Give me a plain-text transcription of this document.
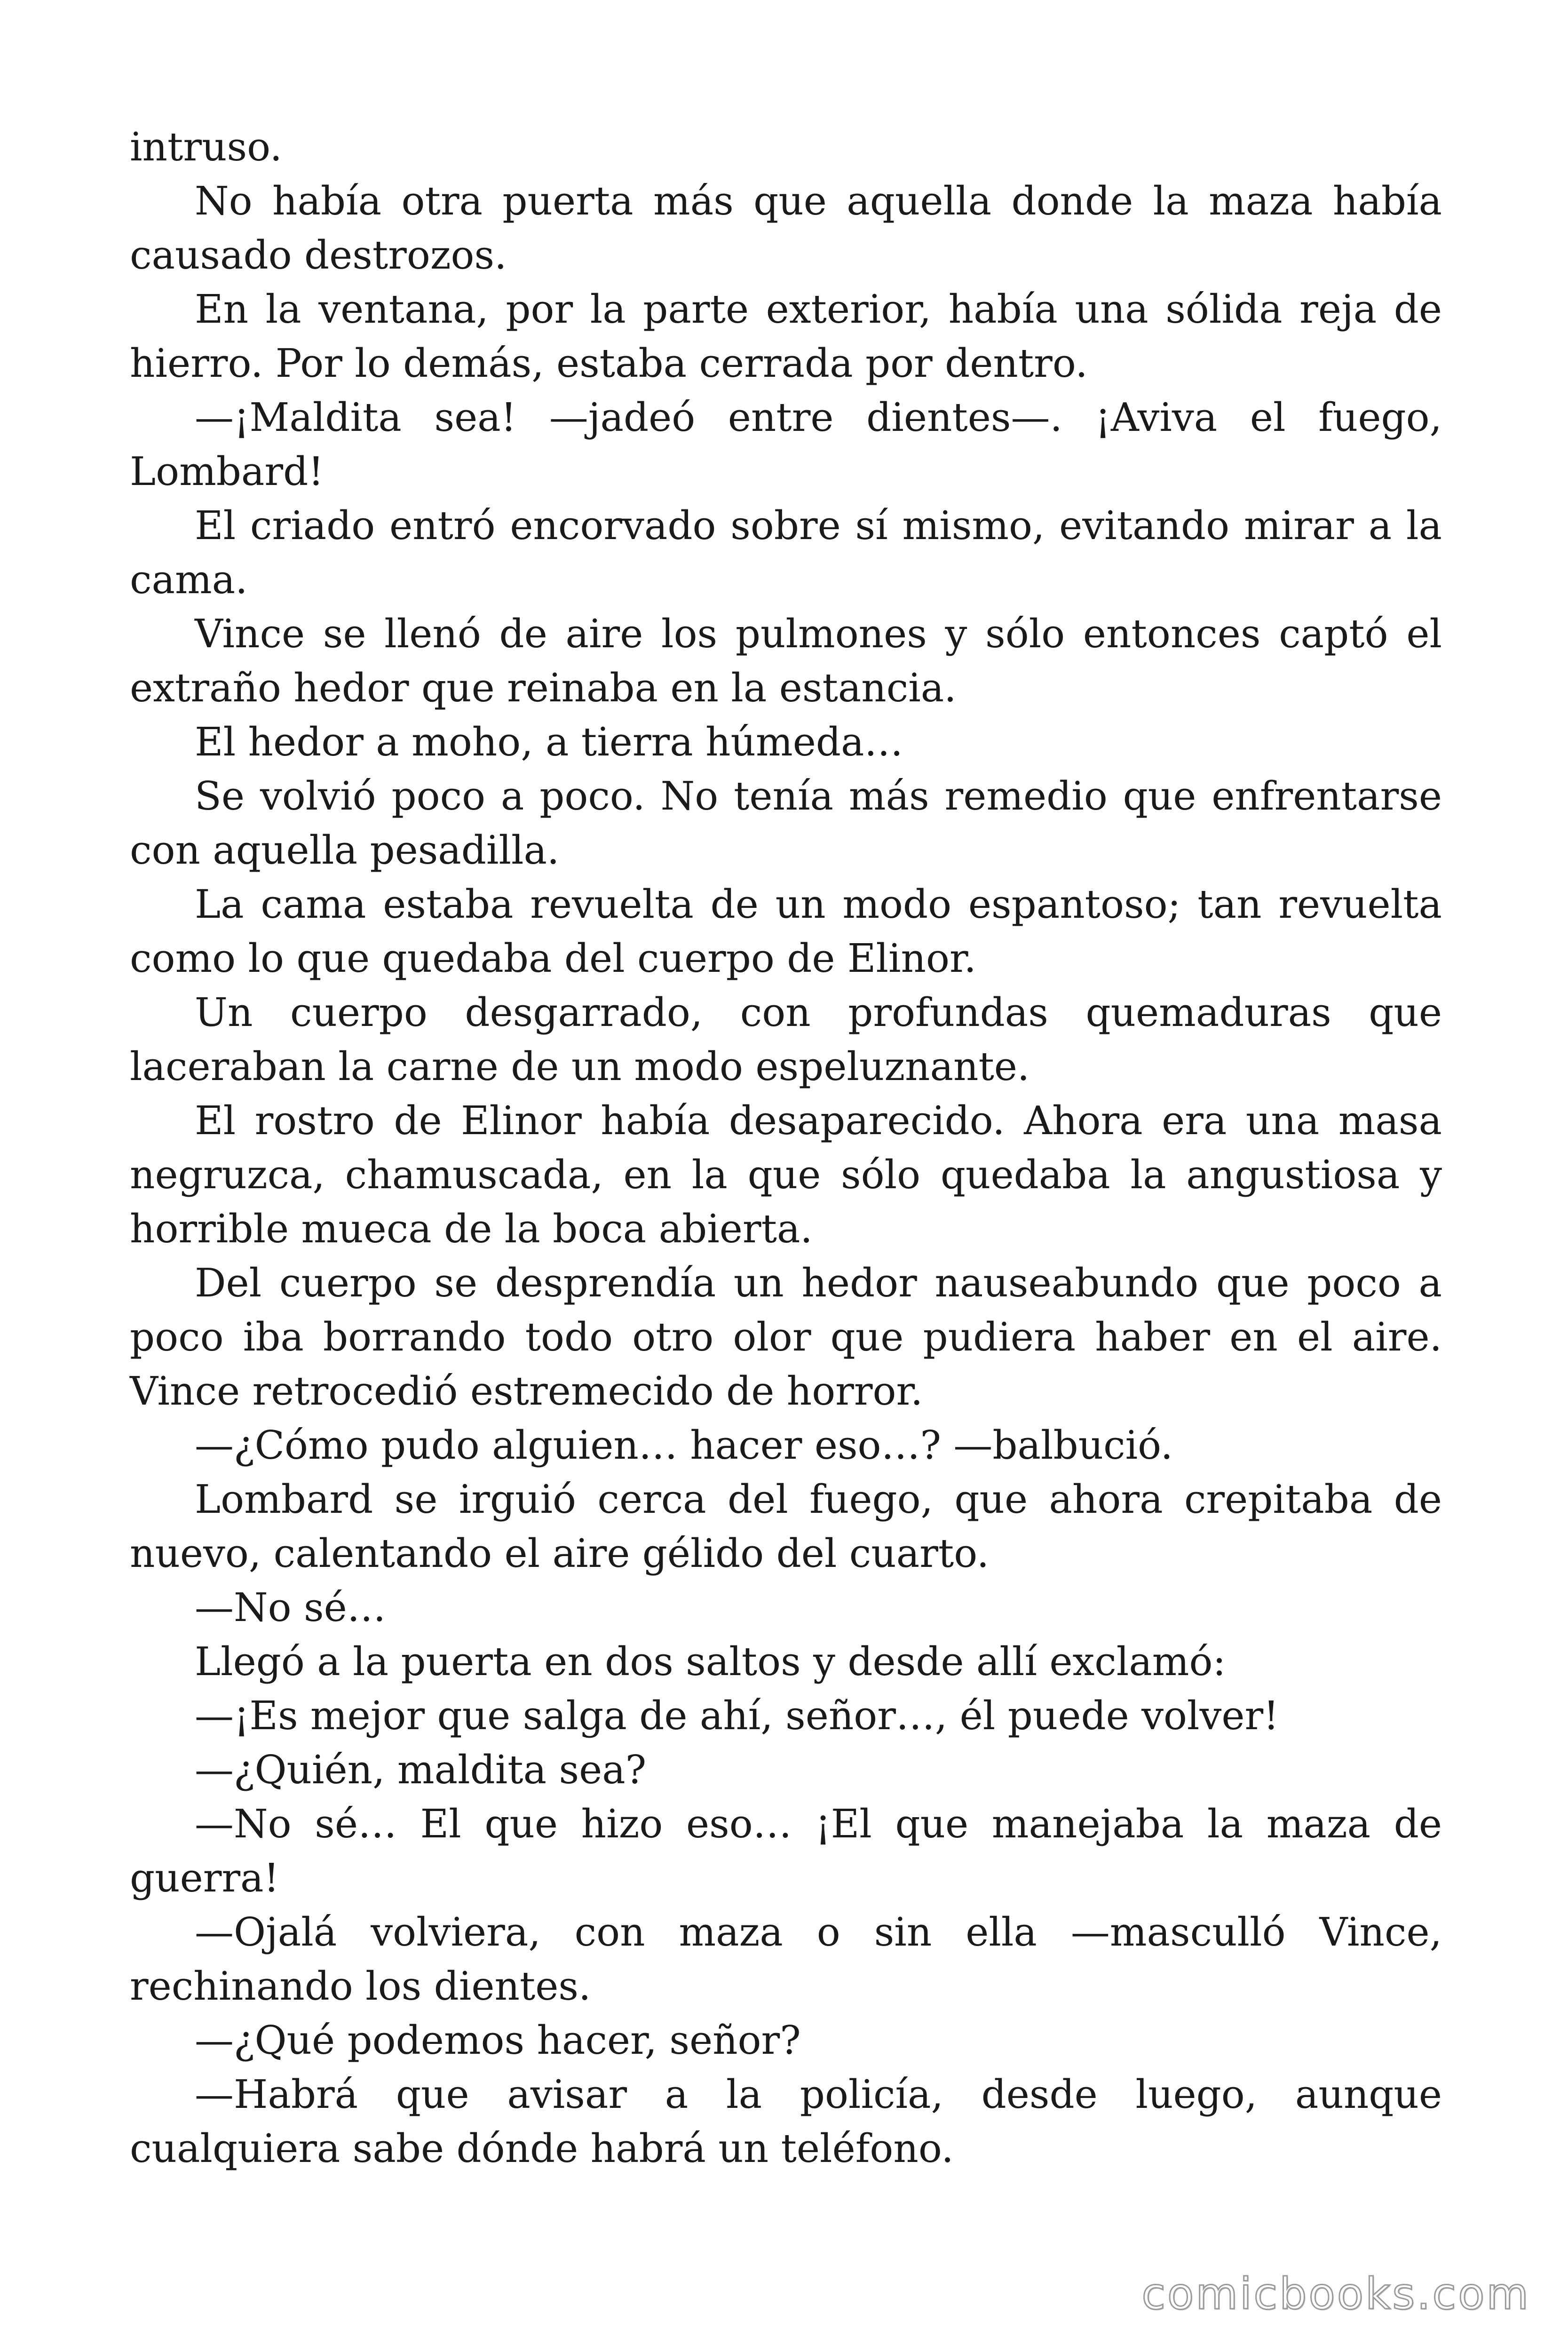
intruso.

No había otra puerta más que aquella donde la maza había causado destrozos.

En la ventana, por la parte exterior, había una sólida reja de hierro. Por lo demás, estaba cerrada por dentro.

—¡Maldita sea! —jadeó entre dientes—. ¡Aviva el fuego, Lombard!

El criado entró encorvado sobre sí mismo, evitando mirar a la cama.

Vince se llenó de aire los pulmones y sólo entonces captó el extraño hedor que reinaba en la estancia.

El hedor a moho, a tierra húmeda…

Se volvió poco a poco. No tenía más remedio que enfrentarse con aquella pesadilla.

La cama estaba revuelta de un modo espantoso; tan revuelta como lo que quedaba del cuerpo de Elinor.

Un cuerpo desgarrado, con profundas quemaduras que laceraban la carne de un modo espeluznante.

El rostro de Elinor había desaparecido. Ahora era una masa negruzca, chamuscada, en la que sólo quedaba la angustiosa y horrible mueca de la boca abierta.

Del cuerpo se desprendía un hedor nauseabundo que poco a poco iba borrando todo otro olor que pudiera haber en el aire. Vince retrocedió estremecido de horror.

—¿Cómo pudo alguien… hacer eso…? —balbució.

Lombard se irguió cerca del fuego, que ahora crepitaba de nuevo, calentando el aire gélido del cuarto.

—No sé…

Llegó a la puerta en dos saltos y desde allí exclamó:

—¡Es mejor que salga de ahí, señor…, él puede volver!

—¿Quién, maldita sea?

—No sé… El que hizo eso… ¡El que manejaba la maza de guerra!

—Ojalá volviera, con maza o sin ella —masculló Vince, rechinando los dientes.

—¿Qué podemos hacer, señor?

—Habrá que avisar a la policía, desde luego, aunque cualquiera sabe dónde habrá un teléfono.

comicbooks.com
